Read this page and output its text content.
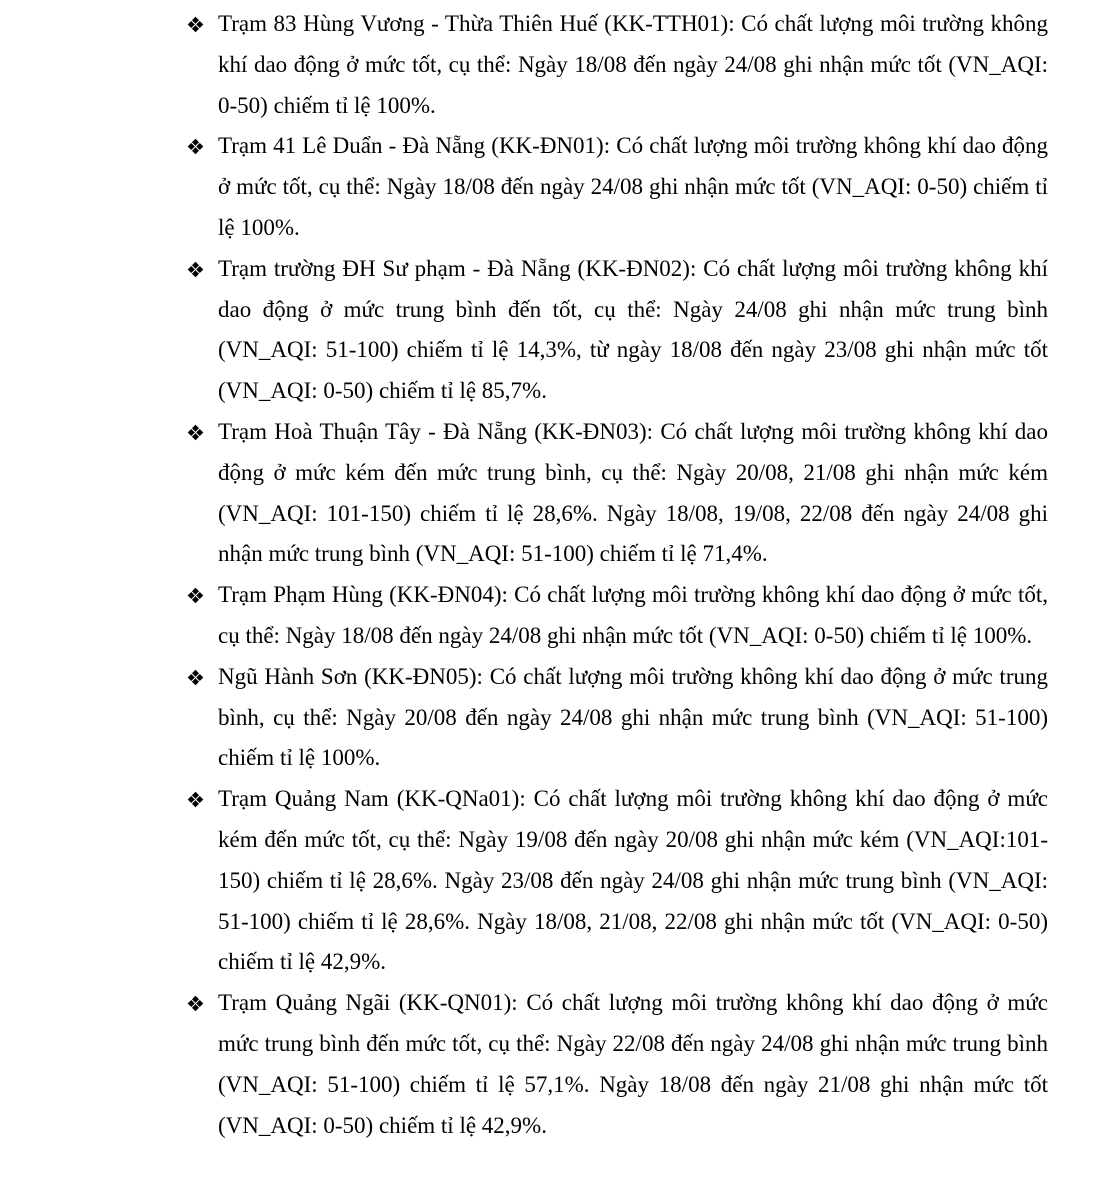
Trạm 83 Hùng Vương - Thừa Thiên Huế (KK-TTH01): Có chất lượng môi trường không khí dao động ở mức tốt, cụ thể: Ngày 18/08 đến ngày 24/08 ghi nhận mức tốt (VN_AQI: 0-50) chiếm tỉ lệ 100%.
Trạm 41 Lê Duẩn - Đà Nẵng (KK-ĐN01): Có chất lượng môi trường không khí dao động ở mức tốt, cụ thể: Ngày 18/08 đến ngày 24/08 ghi nhận mức tốt (VN_AQI: 0-50) chiếm tỉ lệ 100%.
Trạm trường ĐH Sư phạm - Đà Nẵng (KK-ĐN02): Có chất lượng môi trường không khí dao động ở mức trung bình đến tốt, cụ thể: Ngày 24/08 ghi nhận mức trung bình (VN_AQI: 51-100) chiếm tỉ lệ 14,3%, từ ngày 18/08 đến ngày 23/08 ghi nhận mức tốt (VN_AQI: 0-50) chiếm tỉ lệ 85,7%.
Trạm Hoà Thuận Tây - Đà Nẵng (KK-ĐN03): Có chất lượng môi trường không khí dao động ở mức kém đến mức trung bình, cụ thể: Ngày 20/08, 21/08 ghi nhận mức kém (VN_AQI: 101-150) chiếm tỉ lệ 28,6%. Ngày 18/08, 19/08, 22/08 đến ngày 24/08 ghi nhận mức trung bình (VN_AQI: 51-100) chiếm tỉ lệ 71,4%.
Trạm Phạm Hùng (KK-ĐN04): Có chất lượng môi trường không khí dao động ở mức tốt, cụ thể: Ngày 18/08 đến ngày 24/08 ghi nhận mức tốt (VN_AQI: 0-50) chiếm tỉ lệ 100%.
Ngũ Hành Sơn (KK-ĐN05): Có chất lượng môi trường không khí dao động ở mức trung bình, cụ thể: Ngày 20/08 đến ngày 24/08 ghi nhận mức trung bình (VN_AQI: 51-100) chiếm tỉ lệ 100%.
Trạm Quảng Nam (KK-QNa01): Có chất lượng môi trường không khí dao động ở mức kém đến mức tốt, cụ thể: Ngày 19/08 đến ngày 20/08 ghi nhận mức kém (VN_AQI:101-150) chiếm tỉ lệ 28,6%. Ngày 23/08 đến ngày 24/08 ghi nhận mức trung bình (VN_AQI: 51-100) chiếm tỉ lệ 28,6%. Ngày 18/08, 21/08, 22/08 ghi nhận mức tốt (VN_AQI: 0-50) chiếm tỉ lệ 42,9%.
Trạm Quảng Ngãi (KK-QN01): Có chất lượng môi trường không khí dao động ở mức mức trung bình đến mức tốt, cụ thể: Ngày 22/08 đến ngày 24/08 ghi nhận mức trung bình (VN_AQI: 51-100) chiếm tỉ lệ 57,1%. Ngày 18/08 đến ngày 21/08 ghi nhận mức tốt (VN_AQI: 0-50) chiếm tỉ lệ 42,9%.
